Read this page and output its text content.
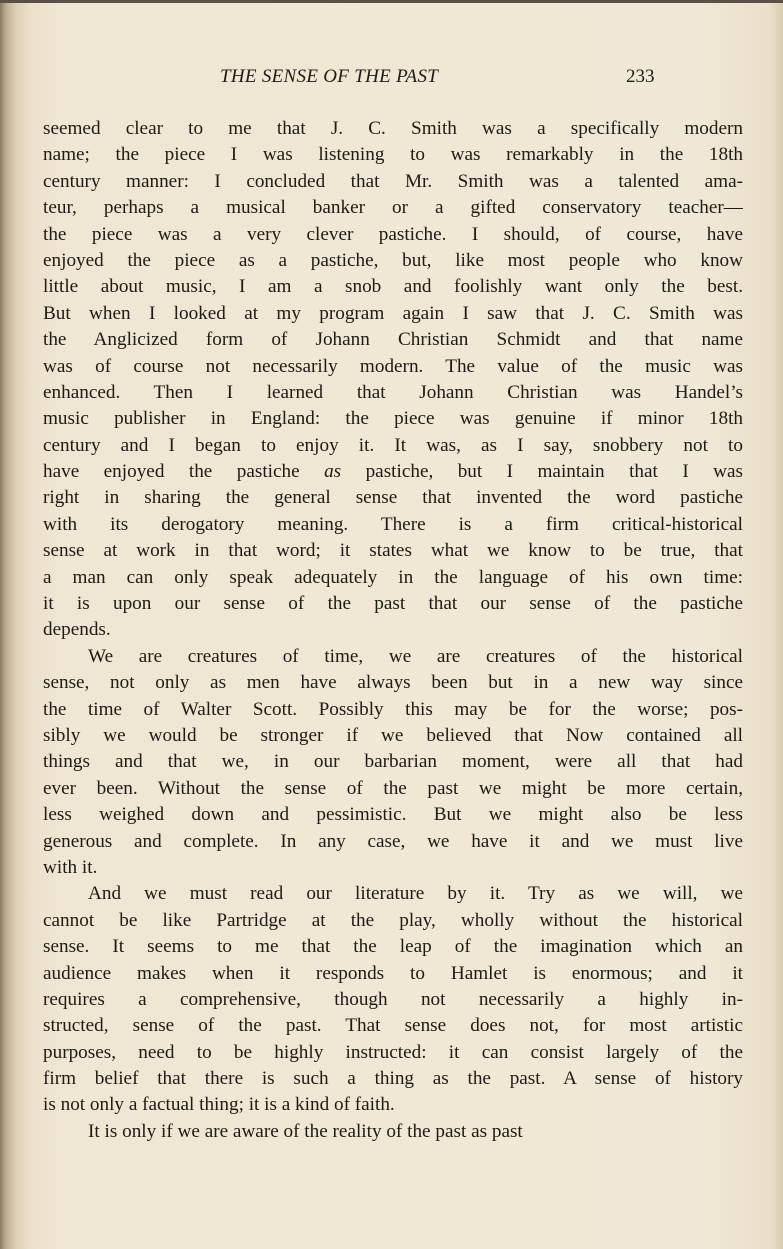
THE SENSE OF THE PAST	233
seemed clear to me that J. C. Smith was a specifically modern
name; the piece I was listening to was remarkably in the 18th
century manner: I concluded that Mr. Smith was a talented ama-
teur, perhaps a musical banker or a gifted conservatory teacher—
the piece was a very clever pastiche. I should, of course, have
enjoyed the piece as a pastiche, but, like most people who know
little about music, I am a snob and foolishly want only the best.
But when I looked at my program again I saw that J. C. Smith was
the Anglicized form of Johann Christian Schmidt and that name
was of course not necessarily modern. The value of the music was
enhanced. Then I learned that Johann Christian was Handel’s
music publisher in England: the piece was genuine if minor 18th
century and I began to enjoy it. It was, as I say, snobbery not to
have enjoyed the pastiche as pastiche, but I maintain that I was
right in sharing the general sense that invented the word pastiche
with its derogatory meaning. There is a firm critical-historical
sense at work in that word; it states what we know to be true, that
a man can only speak adequately in the language of his own time:
it is upon our sense of the past that our sense of the pastiche
depends.
We are creatures of time, we are creatures of the historical
sense, not only as men have always been but in a new way since
the time of Walter Scott. Possibly this may be for the worse; pos-
sibly we would be stronger if we believed that Now contained all
things and that we, in our barbarian moment, were all that had
ever been. Without the sense of the past we might be more certain,
less weighed down and pessimistic. But we might also be less
generous and complete. In any case, we have it and we must live
with it.
And we must read our literature by it. Try as we will, we
cannot be like Partridge at the play, wholly without the historical
sense. It seems to me that the leap of the imagination which an
audience makes when it responds to Hamlet is enormous; and it
requires a comprehensive, though not necessarily a highly in-
structed, sense of the past. That sense does not, for most artistic
purposes, need to be highly instructed: it can consist largely of the
firm belief that there is such a thing as the past. A sense of history
is not only a factual thing; it is a kind of faith.
It is only if we are aware of the reality of the past as past
